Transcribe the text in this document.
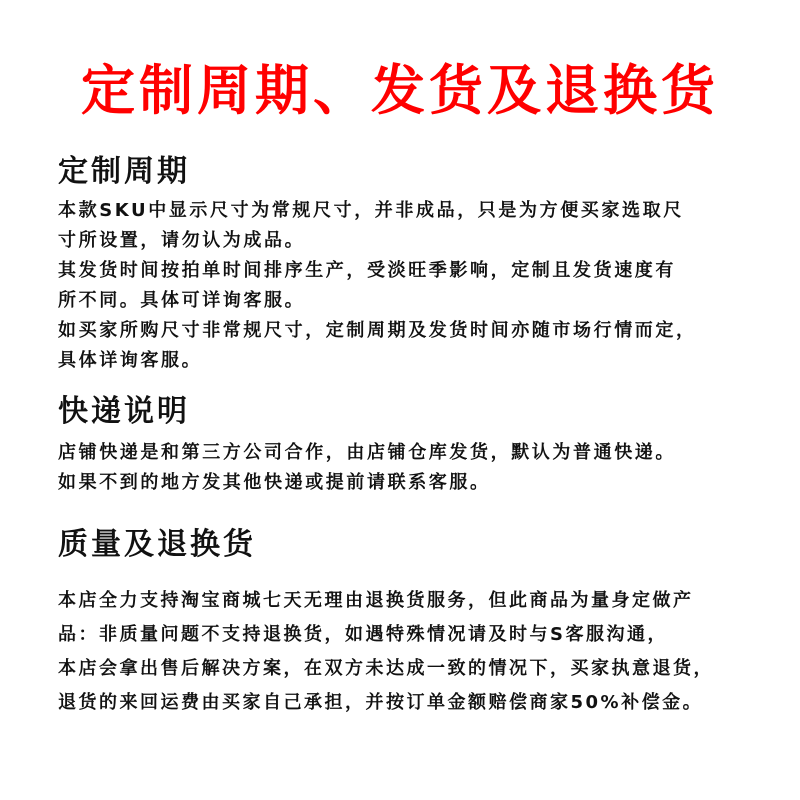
定制周期、发货及退换货
定制周期
本款SKU中显示尺寸为常规尺寸，并非成品，只是为方便买家选取尺
寸所设置，请勿认为成品。
其发货时间按拍单时间排序生产，受淡旺季影响，定制且发货速度有
所不同。具体可详询客服。
如买家所购尺寸非常规尺寸，定制周期及发货时间亦随市场行情而定，
具体详询客服。
快递说明
店铺快递是和第三方公司合作，由店铺仓库发货，默认为普通快递。
如果不到的地方发其他快递或提前请联系客服。
质量及退换货
本店全力支持淘宝商城七天无理由退换货服务，但此商品为量身定做产
品：非质量问题不支持退换货，如遇特殊情况请及时与S客服沟通，
本店会拿出售后解决方案，在双方未达成一致的情况下，买家执意退货，
退货的来回运费由买家自己承担，并按订单金额赔偿商家50%补偿金。
